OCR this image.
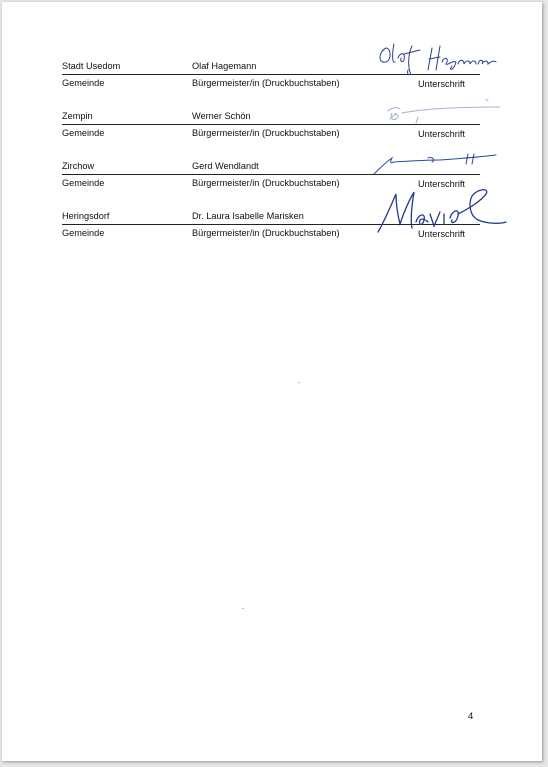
Stadt Usedom	Olaf Hagemann
Gemeinde	Bürgermeister/in (Druckbuchstaben)	Unterschrift
Zempin	Werner Schön
Gemeinde	Bürgermeister/in (Druckbuchstaben)	Unterschrift
Zirchow	Gerd Wendlandt
Gemeinde	Bürgermeister/in (Druckbuchstaben)	Unterschrift
Heringsdorf	Dr. Laura Isabelle Marisken
Gemeinde	Bürgermeister/in (Druckbuchstaben)	Unterschrift
4
